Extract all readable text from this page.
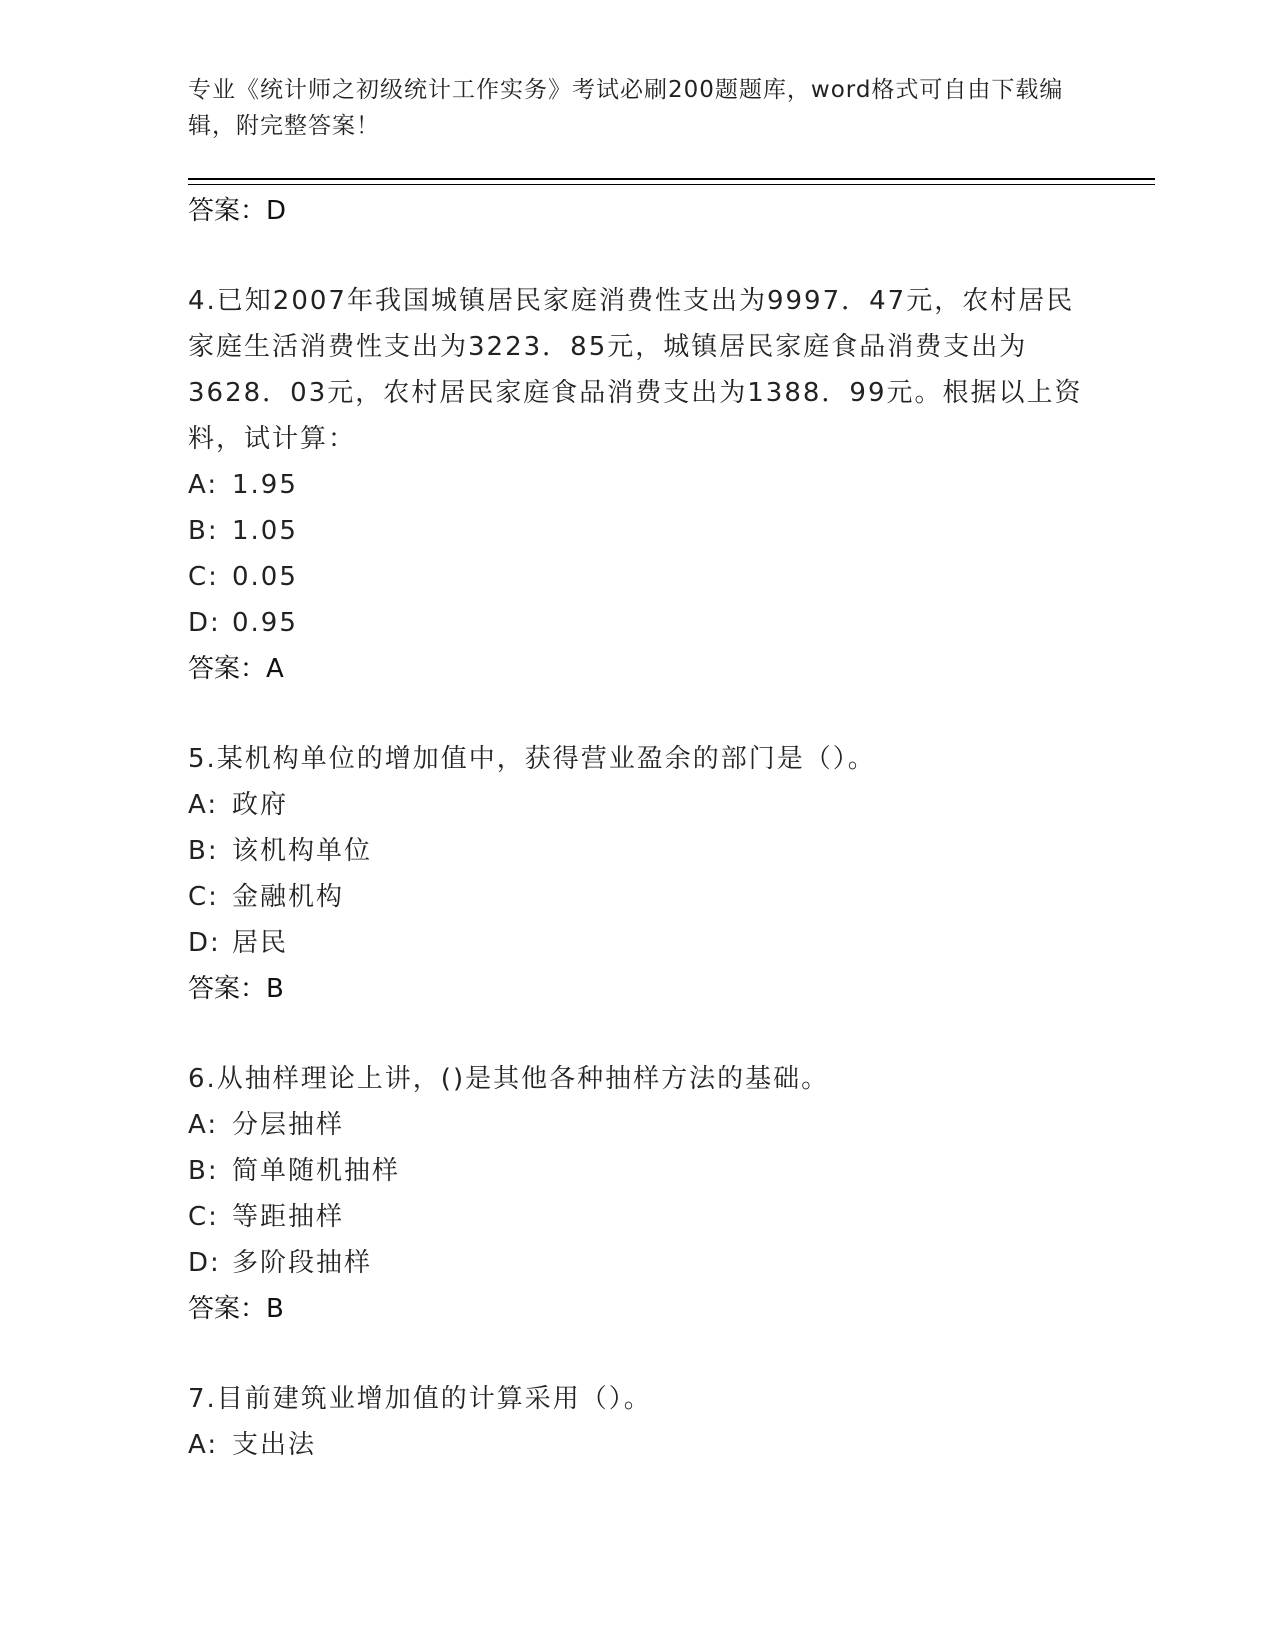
专业《统计师之初级统计工作实务》考试必刷200题题库，word格式可自由下载编辑，附完整答案！
答案：D
4.已知2007年我国城镇居民家庭消费性支出为9997．47元，农村居民家庭生活消费性支出为3223．85元，城镇居民家庭食品消费支出为3628．03元，农村居民家庭食品消费支出为1388．99元。根据以上资料，试计算：
A: 1.95
B: 1.05
C: 0.05
D: 0.95
答案：A
5.某机构单位的增加值中，获得营业盈余的部门是（）。
A: 政府
B: 该机构单位
C: 金融机构
D: 居民
答案：B
6.从抽样理论上讲，()是其他各种抽样方法的基础。
A: 分层抽样
B: 简单随机抽样
C: 等距抽样
D: 多阶段抽样
答案：B
7.目前建筑业增加值的计算采用（）。
A: 支出法
